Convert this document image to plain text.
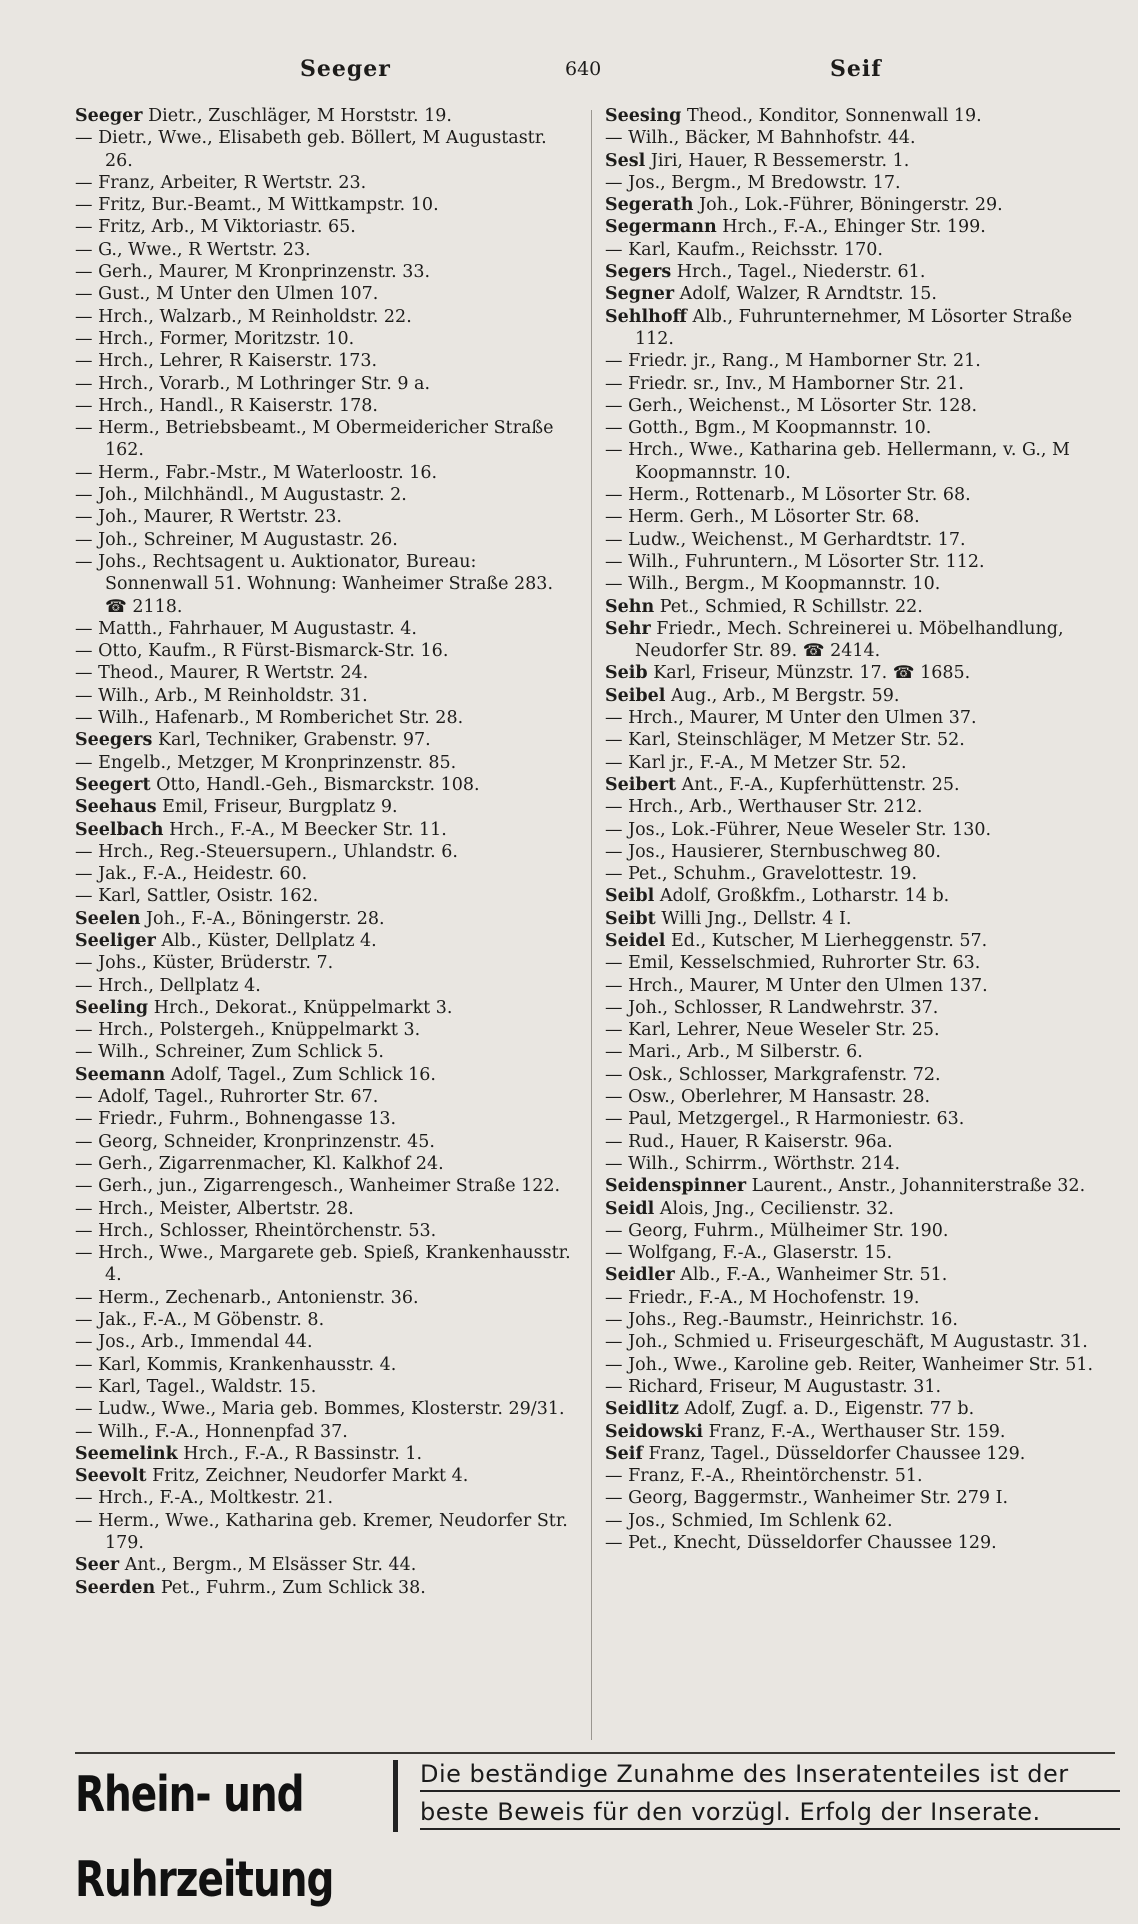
Seeger	640	Seif
Seeger Dietr., Zuschläger, M Horststr. 19.
— Dietr., Wwe., Elisabeth geb. Böllert, M Augustastr. 26.
— Franz, Arbeiter, R Wertstr. 23.
— Fritz, Bur.-Beamt., M Wittkampstr. 10.
— Fritz, Arb., M Viktoriastr. 65.
— G., Wwe., R Wertstr. 23.
— Gerh., Maurer, M Kronprinzenstr. 33.
— Gust., M Unter den Ulmen 107.
— Hrch., Walzarb., M Reinholdstr. 22.
— Hrch., Former, Moritzstr. 10.
— Hrch., Lehrer, R Kaiserstr. 173.
— Hrch., Vorarb., M Lothringer Str. 9 a.
— Hrch., Handl., R Kaiserstr. 178.
— Herm., Betriebsbeamt., M Obermeidericher Straße 162.
— Herm., Fabr.-Mstr., M Waterloostr. 16.
— Joh., Milchhändl., M Augustastr. 2.
— Joh., Maurer, R Wertstr. 23.
— Joh., Schreiner, M Augustastr. 26.
— Johs., Rechtsagent u. Auktionator, Bureau: Sonnenwall 51. Wohnung: Wanheimer Straße 283. ☎ 2118.
— Matth., Fahrhauer, M Augustastr. 4.
— Otto, Kaufm., R Fürst-Bismarck-Str. 16.
— Theod., Maurer, R Wertstr. 24.
— Wilh., Arb., M Reinholdstr. 31.
— Wilh., Hafenarb., M Romberichet Str. 28.
Seegers Karl, Techniker, Grabenstr. 97.
— Engelb., Metzger, M Kronprinzenstr. 85.
Seegert Otto, Handl.-Geh., Bismarckstr. 108.
Seehaus Emil, Friseur, Burgplatz 9.
Seelbach Hrch., F.-A., M Beecker Str. 11.
— Hrch., Reg.-Steuersupern., Uhlandstr. 6.
— Jak., F.-A., Heidestr. 60.
— Karl, Sattler, Osistr. 162.
Seelen Joh., F.-A., Böningerstr. 28.
Seeliger Alb., Küster, Dellplatz 4.
— Johs., Küster, Brüderstr. 7.
— Hrch., Dellplatz 4.
Seeling Hrch., Dekorat., Knüppelmarkt 3.
— Hrch., Polstergeh., Knüppelmarkt 3.
— Wilh., Schreiner, Zum Schlick 5.
Seemann Adolf, Tagel., Zum Schlick 16.
— Adolf, Tagel., Ruhrorter Str. 67.
— Friedr., Fuhrm., Bohnengasse 13.
— Georg, Schneider, Kronprinzenstr. 45.
— Gerh., Zigarrenmacher, Kl. Kalkhof 24.
— Gerh., jun., Zigarrengesch., Wanheimer Straße 122.
— Hrch., Meister, Albertstr. 28.
— Hrch., Schlosser, Rheintörchenstr. 53.
— Hrch., Wwe., Margarete geb. Spieß, Krankenhausstr. 4.
— Herm., Zechenarb., Antonienstr. 36.
— Jak., F.-A., M Göbenstr. 8.
— Jos., Arb., Immendal 44.
— Karl, Kommis, Krankenhausstr. 4.
— Karl, Tagel., Waldstr. 15.
— Ludw., Wwe., Maria geb. Bommes, Klosterstr. 29/31.
— Wilh., F.-A., Honnenpfad 37.
Seemelink Hrch., F.-A., R Bassinstr. 1.
Seevolt Fritz, Zeichner, Neudorfer Markt 4.
— Hrch., F.-A., Moltkestr. 21.
— Herm., Wwe., Katharina geb. Kremer, Neudorfer Str. 179.
Seer Ant., Bergm., M Elsässer Str. 44.
Seerden Pet., Fuhrm., Zum Schlick 38.
Seesing Theod., Konditor, Sonnenwall 19.
— Wilh., Bäcker, M Bahnhofstr. 44.
Sesl Jiri, Hauer, R Bessemerstr. 1.
— Jos., Bergm., M Bredowstr. 17.
Segerath Joh., Lok.-Führer, Böningerstr. 29.
Segermann Hrch., F.-A., Ehinger Str. 199.
— Karl, Kaufm., Reichsstr. 170.
Segers Hrch., Tagel., Niederstr. 61.
Segner Adolf, Walzer, R Arndtstr. 15.
Sehlhoff Alb., Fuhrunternehmer, M Lösorter Straße 112.
— Friedr. jr., Rang., M Hamborner Str. 21.
— Friedr. sr., Inv., M Hamborner Str. 21.
— Gerh., Weichenst., M Lösorter Str. 128.
— Gotth., Bgm., M Koopmannstr. 10.
— Hrch., Wwe., Katharina geb. Hellermann, v. G., M Koopmannstr. 10.
— Herm., Rottenarb., M Lösorter Str. 68.
— Herm. Gerh., M Lösorter Str. 68.
— Ludw., Weichenst., M Gerhardtstr. 17.
— Wilh., Fuhruntern., M Lösorter Str. 112.
— Wilh., Bergm., M Koopmannstr. 10.
Sehn Pet., Schmied, R Schillstr. 22.
Sehr Friedr., Mech. Schreinerei u. Möbelhandlung, Neudorfer Str. 89. ☎ 2414.
Seib Karl, Friseur, Münzstr. 17. ☎ 1685.
Seibel Aug., Arb., M Bergstr. 59.
— Hrch., Maurer, M Unter den Ulmen 37.
— Karl, Steinschläger, M Metzer Str. 52.
— Karl jr., F.-A., M Metzer Str. 52.
Seibert Ant., F.-A., Kupferhüttenstr. 25.
— Hrch., Arb., Werthauser Str. 212.
— Jos., Lok.-Führer, Neue Weseler Str. 130.
— Jos., Hausierer, Sternbuschweg 80.
— Pet., Schuhm., Gravelottestr. 19.
Seibl Adolf, Großkfm., Lotharstr. 14 b.
Seibt Willi Jng., Dellstr. 4 I.
Seidel Ed., Kutscher, M Lierheggenstr. 57.
— Emil, Kesselschmied, Ruhrorter Str. 63.
— Hrch., Maurer, M Unter den Ulmen 137.
— Joh., Schlosser, R Landwehrstr. 37.
— Karl, Lehrer, Neue Weseler Str. 25.
— Mari., Arb., M Silberstr. 6.
— Osk., Schlosser, Markgrafenstr. 72.
— Osw., Oberlehrer, M Hansastr. 28.
— Paul, Metzgergel., R Harmoniestr. 63.
— Rud., Hauer, R Kaiserstr. 96a.
— Wilh., Schirrm., Wörthstr. 214.
Seidenspinner Laurent., Anstr., Johanniterstraße 32.
Seidl Alois, Jng., Cecilienstr. 32.
— Georg, Fuhrm., Mülheimer Str. 190.
— Wolfgang, F.-A., Glaserstr. 15.
Seidler Alb., F.-A., Wanheimer Str. 51.
— Friedr., F.-A., M Hochofenstr. 19.
— Johs., Reg.-Baumstr., Heinrichstr. 16.
— Joh., Schmied u. Friseurgeschäft, M Augustastr. 31.
— Joh., Wwe., Karoline geb. Reiter, Wanheimer Str. 51.
— Richard, Friseur, M Augustastr. 31.
Seidlitz Adolf, Zugf. a. D., Eigenstr. 77 b.
Seidowski Franz, F.-A., Werthauser Str. 159.
Seif Franz, Tagel., Düsseldorfer Chaussee 129.
— Franz, F.-A., Rheintörchenstr. 51.
— Georg, Baggermstr., Wanheimer Str. 279 I.
— Jos., Schmied, Im Schlenk 62.
— Pet., Knecht, Düsseldorfer Chaussee 129.
Rhein- und Ruhrzeitung
Die beständige Zunahme des Inseratenteiles ist der
beste Beweis für den vorzügl. Erfolg der Inserate.
